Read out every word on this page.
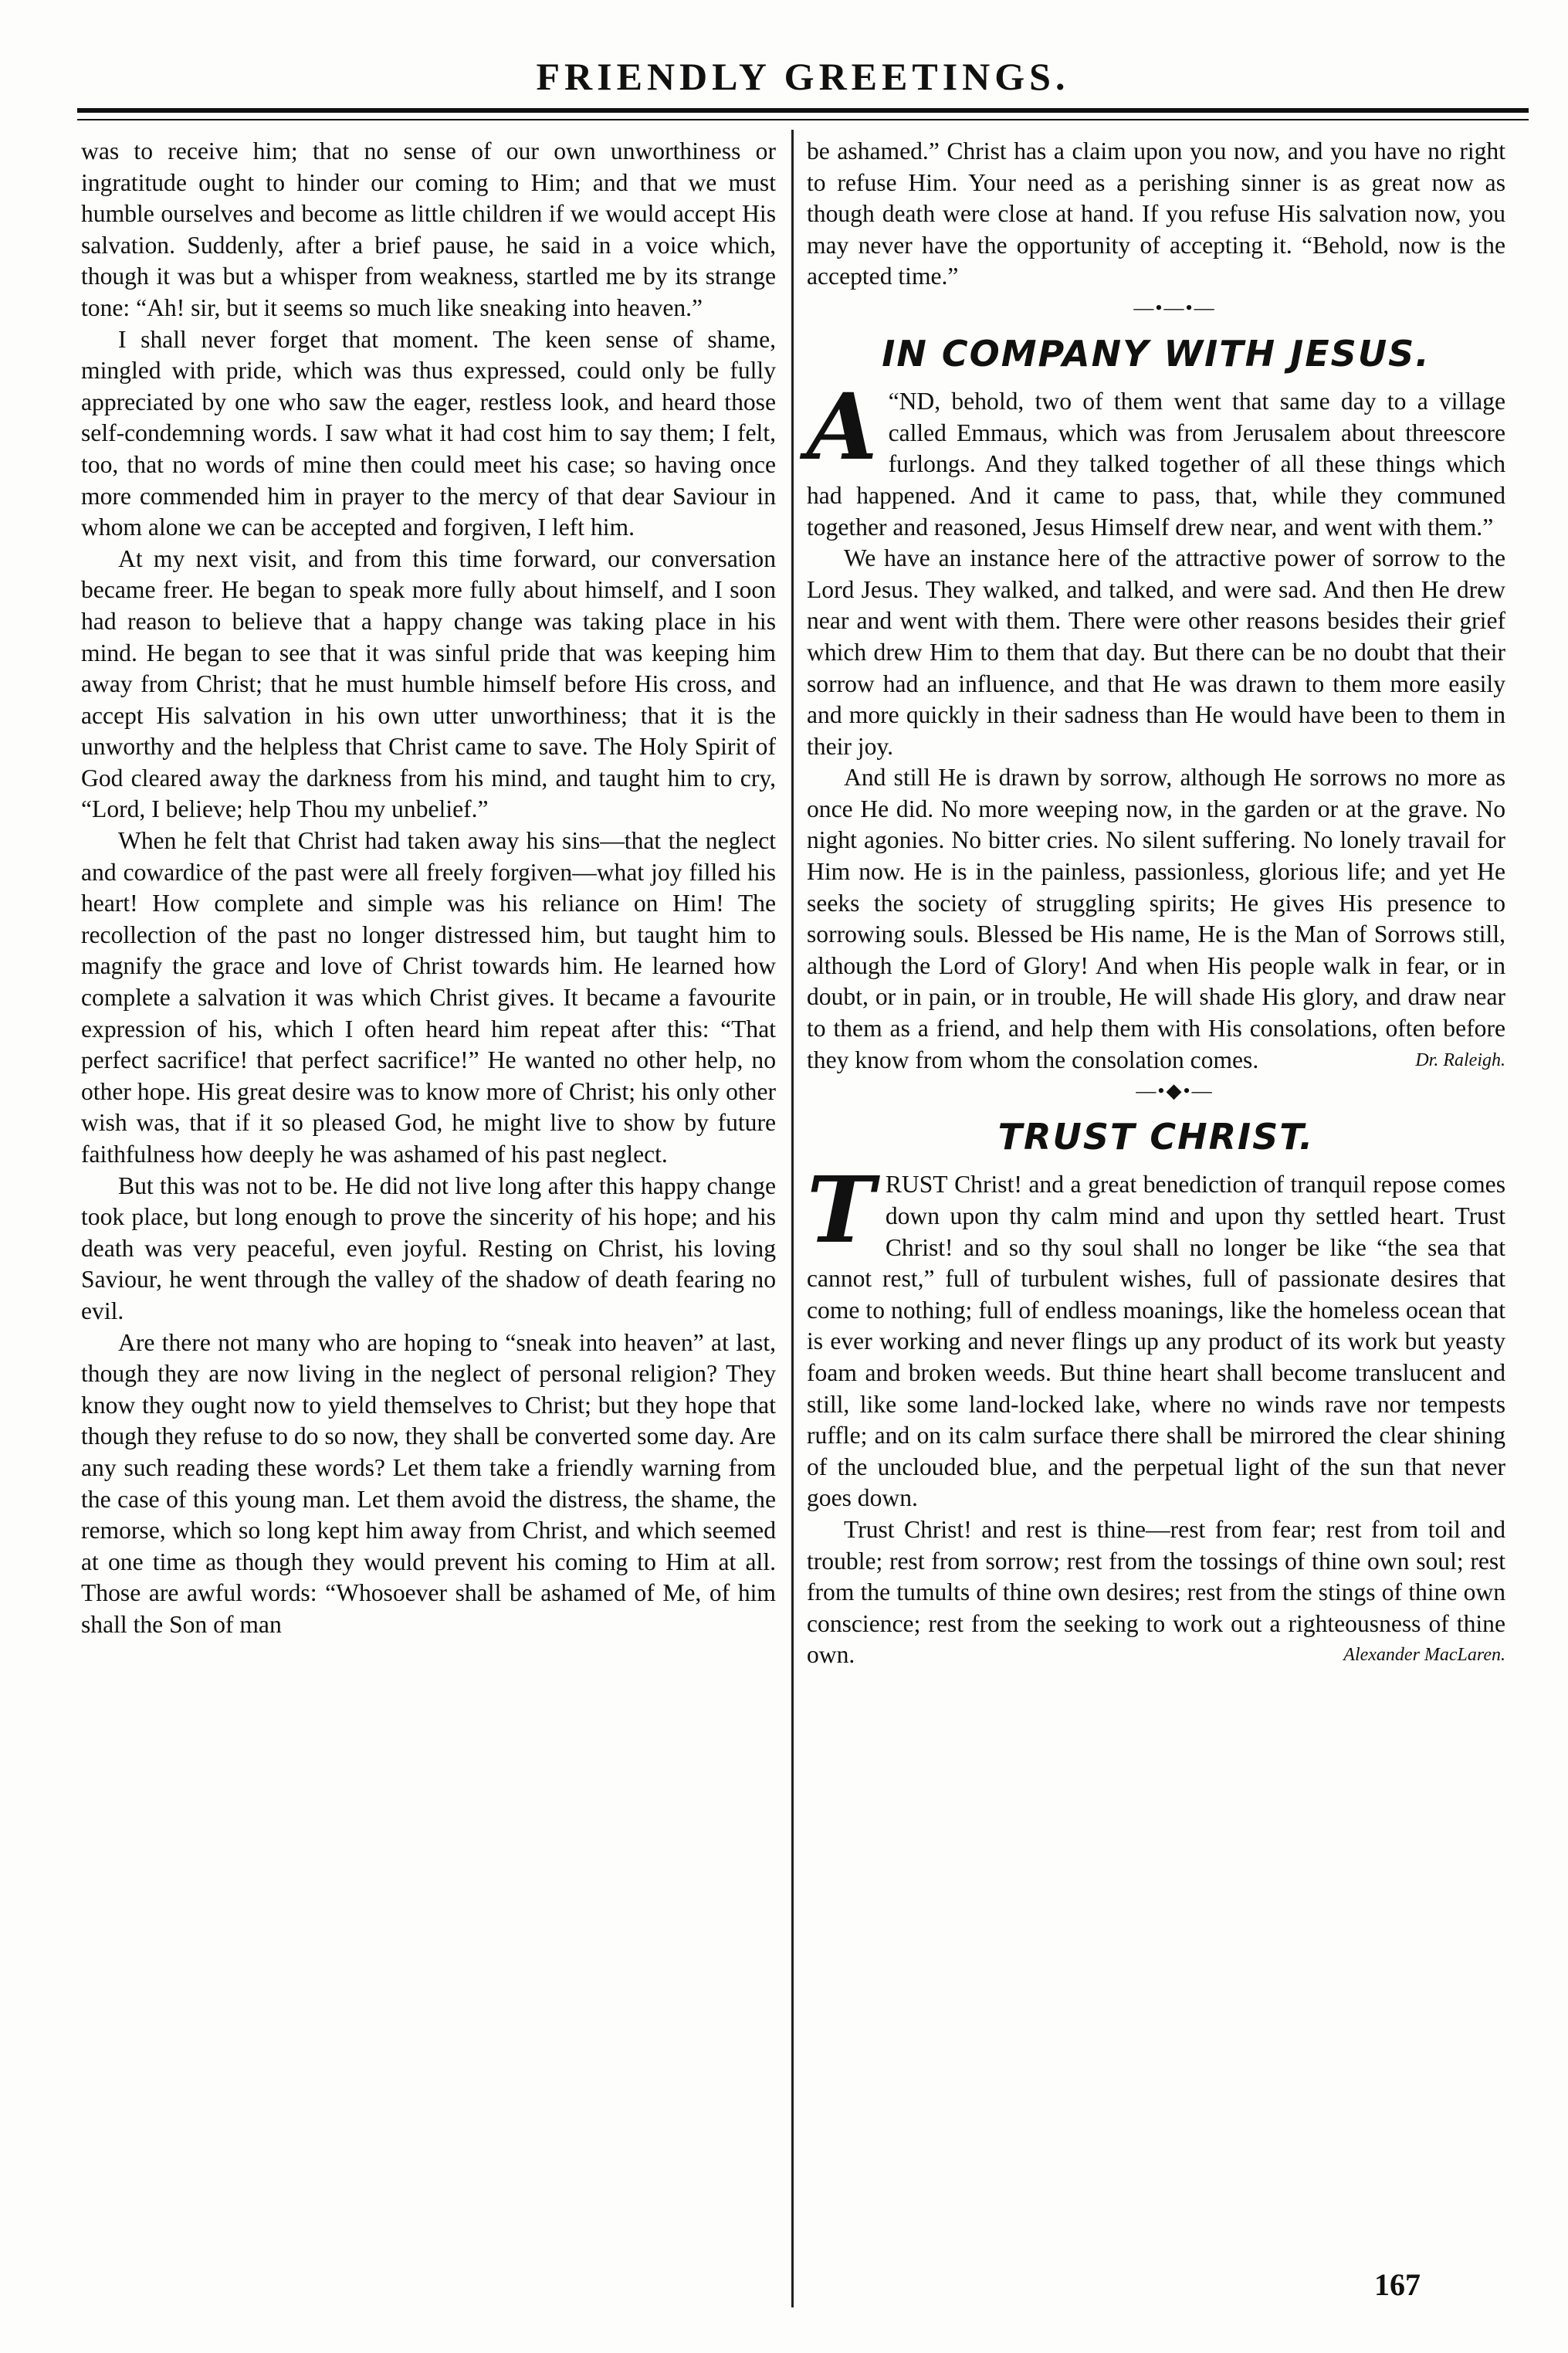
FRIENDLY GREETINGS.

was to receive him; that no sense of our own unworthiness or ingratitude ought to hinder our coming to Him; and that we must humble ourselves and become as little children if we would accept His salvation. Suddenly, after a brief pause, he said in a voice which, though it was but a whisper from weakness, startled me by its strange tone: “Ah! sir, but it seems so much like sneaking into heaven.”

I shall never forget that moment. The keen sense of shame, mingled with pride, which was thus expressed, could only be fully appreciated by one who saw the eager, restless look, and heard those self-condemning words. I saw what it had cost him to say them; I felt, too, that no words of mine then could meet his case; so having once more commended him in prayer to the mercy of that dear Saviour in whom alone we can be accepted and forgiven, I left him.

At my next visit, and from this time forward, our conversation became freer. He began to speak more fully about himself, and I soon had reason to believe that a happy change was taking place in his mind. He began to see that it was sinful pride that was keeping him away from Christ; that he must humble himself before His cross, and accept His salvation in his own utter unworthiness; that it is the unworthy and the helpless that Christ came to save. The Holy Spirit of God cleared away the darkness from his mind, and taught him to cry, “Lord, I believe; help Thou my unbelief.”

When he felt that Christ had taken away his sins—that the neglect and cowardice of the past were all freely forgiven—what joy filled his heart! How complete and simple was his reliance on Him! The recollection of the past no longer distressed him, but taught him to magnify the grace and love of Christ towards him. He learned how complete a salvation it was which Christ gives. It became a favourite expression of his, which I often heard him repeat after this: “That perfect sacrifice! that perfect sacrifice!” He wanted no other help, no other hope. His great desire was to know more of Christ; his only other wish was, that if it so pleased God, he might live to show by future faithfulness how deeply he was ashamed of his past neglect.

But this was not to be. He did not live long after this happy change took place, but long enough to prove the sincerity of his hope; and his death was very peaceful, even joyful. Resting on Christ, his loving Saviour, he went through the valley of the shadow of death fearing no evil.

Are there not many who are hoping to “sneak into heaven” at last, though they are now living in the neglect of personal religion? They know they ought now to yield themselves to Christ; but they hope that though they refuse to do so now, they shall be converted some day. Are any such reading these words? Let them take a friendly warning from the case of this young man. Let them avoid the distress, the shame, the remorse, which so long kept him away from Christ, and which seemed at one time as though they would prevent his coming to Him at all. Those are awful words: “Whosoever shall be ashamed of Me, of him shall the Son of man

be ashamed.” Christ has a claim upon you now, and you have no right to refuse Him. Your need as a perishing sinner is as great now as though death were close at hand. If you refuse His salvation now, you may never have the opportunity of accepting it. “Behold, now is the accepted time.”

—•—•—

IN COMPANY WITH JESUS.

“
A ND, behold, two of them went that same day to a village called Emmaus, which was from Jerusalem about threescore furlongs. And they talked together of all these things which had happened. And it came to pass, that, while they communed together and reasoned, Jesus Himself drew near, and went with them.”

We have an instance here of the attractive power of sorrow to the Lord Jesus. They walked, and talked, and were sad. And then He drew near and went with them. There were other reasons besides their grief which drew Him to them that day. But there can be no doubt that their sorrow had an influence, and that He was drawn to them more easily and more quickly in their sadness than He would have been to them in their joy.

And still He is drawn by sorrow, although He sorrows no more as once He did. No more weeping now, in the garden or at the grave. No night agonies. No bitter cries. No silent suffering. No lonely travail for Him now. He is in the painless, passionless, glorious life; and yet He seeks the society of struggling spirits; He gives His presence to sorrowing souls. Blessed be His name, He is the Man of Sorrows still, although the Lord of Glory! And when His people walk in fear, or in doubt, or in pain, or in trouble, He will shade His glory, and draw near to them as a friend, and help them with His consolations, often before they know from whom the consolation comes.	Dr. Raleigh.

—•◆•—

TRUST CHRIST.

TRUST Christ! and a great benediction of tranquil repose comes down upon thy calm mind and upon thy settled heart. Trust Christ! and so thy soul shall no longer be like “the sea that cannot rest,” full of turbulent wishes, full of passionate desires that come to nothing; full of endless moanings, like the homeless ocean that is ever working and never flings up any product of its work but yeasty foam and broken weeds. But thine heart shall become translucent and still, like some land-locked lake, where no winds rave nor tempests ruffle; and on its calm surface there shall be mirrored the clear shining of the unclouded blue, and the perpetual light of the sun that never goes down.

Trust Christ! and rest is thine—rest from fear; rest from toil and trouble; rest from sorrow; rest from the tossings of thine own soul; rest from the tumults of thine own desires; rest from the stings of thine own conscience; rest from the seeking to work out a righteousness of thine own.	Alexander MacLaren.

167
